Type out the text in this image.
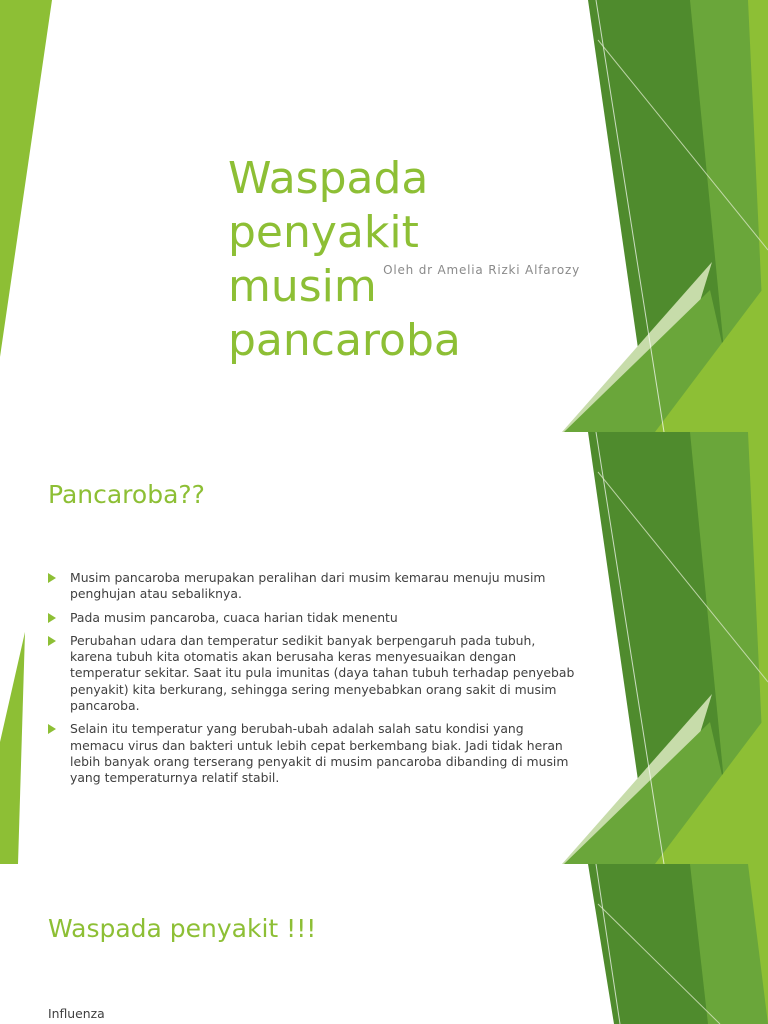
Waspada penyakit
musim pancaroba

Oleh dr Amelia Rizki Alfarozy

Pancaroba??
Musim pancaroba merupakan peralihan dari musim kemarau menuju musim penghujan atau sebaliknya.
Pada musim pancaroba, cuaca harian tidak menentu
Perubahan udara dan temperatur sedikit banyak berpengaruh pada tubuh, karena tubuh kita otomatis akan berusaha keras menyesuaikan dengan temperatur sekitar. Saat itu pula imunitas (daya tahan tubuh terhadap penyebab penyakit) kita berkurang, sehingga sering menyebabkan orang sakit di musim pancaroba.
Selain itu temperatur yang berubah-ubah adalah salah satu kondisi yang memacu virus dan bakteri untuk lebih cepat berkembang biak. Jadi tidak heran lebih banyak orang terserang penyakit di musim pancaroba dibanding di musim yang temperaturnya relatif stabil.
Waspada penyakit !!!

Influenza
